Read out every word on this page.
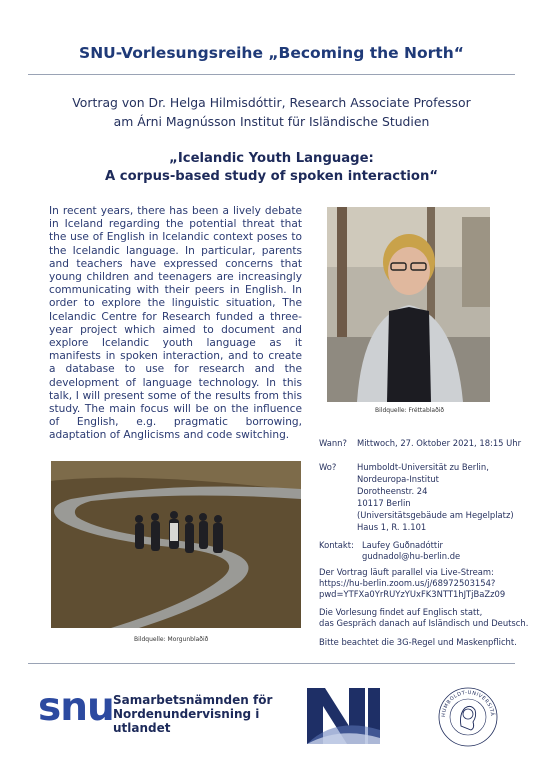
SNU-Vorlesungsreihe „Becoming the North“
Vortrag von Dr. Helga Hilmisdóttir, Research Associate Professor
am Árni Magnússon Institut für Isländische Studien
„Icelandic Youth Language:
A corpus-based study of spoken interaction“

In recent years, there has been a lively debate in Iceland regarding the potential threat that the use of English in Icelandic context poses to the Icelandic language. In particular, parents and teachers have expressed concerns that young children and teenagers are increasingly communicating with their peers in English. In order to explore the linguistic situation, The Icelandic Centre for Research funded a three-year project which aimed to document and explore Icelandic youth language as it manifests in spoken interaction, and to create a database to use for research and the development of language technology. In this talk, I will present some of the results from this study. The main focus will be on the influence of English, e.g. pragmatic borrowing, adaptation of Anglicisms and code switching.

Bildquelle: Fréttablaðið
Bildquelle: Morgunblaðið
Wann? Mittwoch, 27. Oktober 2021, 18:15 Uhr
Wo? Humboldt-Universität zu Berlin,
Nordeuropa-Institut
Dorotheenstr. 24
10117 Berlin
(Universitätsgebäude am Hegelplatz)
Haus 1, R. 1.101
Kontakt: Laufey Guðnadóttir
gudnadol@hu-berlin.de
Der Vortrag läuft parallel via Live-Stream:
https://hu-berlin.zoom.us/j/68972503154?
pwd=YTFXa0YrRUYzYUxFK3NTT1hJTjBaZz09
Die Vorlesung findet auf Englisch statt,
das Gespräch danach auf Isländisch und Deutsch.
Bitte beachtet die 3G-Regel und Maskenpflicht.
snu Samarbetsnämnden för
Nordenundervisning i
utlandet
HUMBOLDT-UNIVERSITÄ
